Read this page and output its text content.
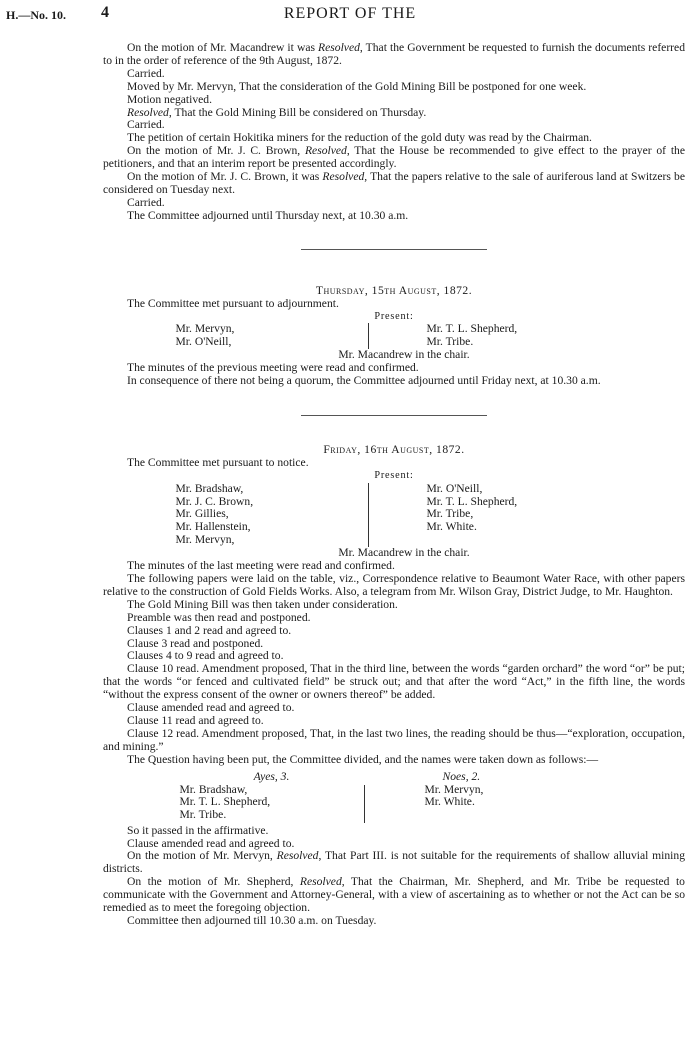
H.—No. 10. 4	REPORT OF THE

On the motion of Mr. Macandrew it was Resolved, That the Government be requested to furnish the documents referred to in the order of reference of the 9th August, 1872.

Carried.

Moved by Mr. Mervyn, That the consideration of the Gold Mining Bill be postponed for one week.

Motion negatived.

Resolved, That the Gold Mining Bill be considered on Thursday.

Carried.

The petition of certain Hokitika miners for the reduction of the gold duty was read by the Chairman.

On the motion of Mr. J. C. Brown, Resolved, That the House be recommended to give effect to the prayer of the petitioners, and that an interim report be presented accordingly.

On the motion of Mr. J. C. Brown, it was Resolved, That the papers relative to the sale of auriferous land at Switzers be considered on Tuesday next.

Carried.

The Committee adjourned until Thursday next, at 10.30 a.m.

Thursday, 15th August, 1872.

The Committee met pursuant to adjournment.

Present:

Mr. Mervyn,
Mr. O'Neill,
Mr. T. L. Shepherd,
Mr. Tribe.

Mr. Macandrew in the chair.

The minutes of the previous meeting were read and confirmed.

In consequence of there not being a quorum, the Committee adjourned until Friday next, at 10.30 a.m.

Friday, 16th August, 1872.

The Committee met pursuant to notice.

Present:

Mr. Bradshaw,
Mr. J. C. Brown,
Mr. Gillies,
Mr. Hallenstein,
Mr. Mervyn,
Mr. O'Neill,
Mr. T. L. Shepherd,
Mr. Tribe,
Mr. White.

Mr. Macandrew in the chair.

The minutes of the last meeting were read and confirmed.

The following papers were laid on the table, viz., Correspondence relative to Beaumont Water Race, with other papers relative to the construction of Gold Fields Works. Also, a telegram from Mr. Wilson Gray, District Judge, to Mr. Haughton.

The Gold Mining Bill was then taken under consideration.

Preamble was then read and postponed.

Clauses 1 and 2 read and agreed to.

Clause 3 read and postponed.

Clauses 4 to 9 read and agreed to.

Clause 10 read. Amendment proposed, That in the third line, between the words “garden orchard” the word “or” be put; that the words “or fenced and cultivated field” be struck out; and that after the word “Act,” in the fifth line, the words “without the express consent of the owner or owners thereof” be added.

Clause amended read and agreed to.

Clause 11 read and agreed to.

Clause 12 read. Amendment proposed, That, in the last two lines, the reading should be thus—“exploration, occupation, and mining.”

The Question having been put, the Committee divided, and the names were taken down as follows:—

Ayes, 3.

Mr. Bradshaw,
Mr. T. L. Shepherd,
Mr. Tribe.

Noes, 2.

Mr. Mervyn,
Mr. White.

So it passed in the affirmative.

Clause amended read and agreed to.

On the motion of Mr. Mervyn, Resolved, That Part III. is not suitable for the requirements of shallow alluvial mining districts.

On the motion of Mr. Shepherd, Resolved, That the Chairman, Mr. Shepherd, and Mr. Tribe be requested to communicate with the Government and Attorney-General, with a view of ascertaining as to whether or not the Act can be so remedied as to meet the foregoing objection.

Committee then adjourned till 10.30 a.m. on Tuesday.
